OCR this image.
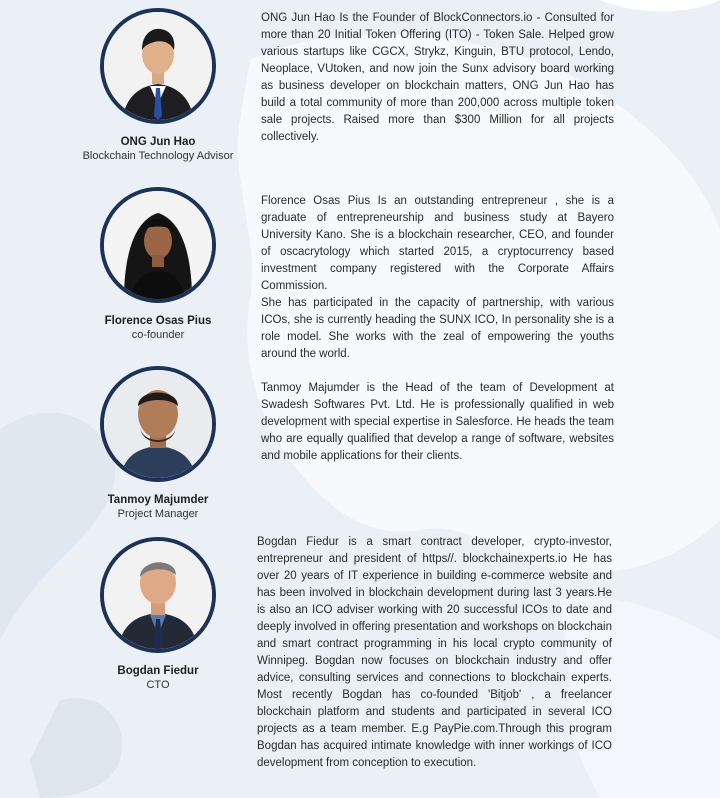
ONG Jun Hao
Blockchain Technology Advisor
ONG Jun Hao Is the Founder of BlockConnectors.io - Consulted for more than 20 Initial Token Offering (ITO) - Token Sale. Helped grow various startups like CGCX, Strykz, Kinguin, BTU protocol, Lendo, Neoplace, VUtoken, and now join the Sunx advisory board working as business developer on blockchain matters, ONG Jun Hao has build a total community of more than 200,000 across multiple token sale projects. Raised more than $300 Million for all projects collectively.
Florence Osas Pius
co-founder
Florence Osas Pius Is an outstanding entrepreneur , she is a graduate of entrepreneurship and business study at Bayero University Kano. She is a blockchain researcher, CEO, and founder of oscacrytology which started 2015, a cryptocurrency based investment company registered with the Corporate Affairs Commission.
She has participated in the capacity of partnership, with various ICOs, she is currently heading the SUNX ICO, In personality she is a role model. She works with the zeal of empowering the youths around the world.
Tanmoy Majumder
Project Manager
Tanmoy Majumder is the Head of the team of Development at Swadesh Softwares Pvt. Ltd. He is professionally qualified in web development with special expertise in Salesforce. He heads the team who are equally qualified that develop a range of software, websites and mobile applications for their clients.
Bogdan Fiedur
CTO
Bogdan Fiedur is a smart contract developer, crypto-investor, entrepreneur and president of https//. blockchainexperts.io He has over 20 years of IT experience in building e-commerce website and has been involved in blockchain development during last 3 years.He is also an ICO adviser working with 20 successful ICOs to date and deeply involved in offering presentation and workshops on blockchain and smart contract programming in his local crypto community of Winnipeg. Bogdan now focuses on blockchain industry and offer advice, consulting services and connections to blockchain experts. Most recently Bogdan has co-founded 'Bitjob' , a freelancer blockchain platform and students and participated in several ICO projects as a team member. E.g PayPie.com.Through this program Bogdan has acquired intimate knowledge with inner workings of ICO development from conception to execution.
